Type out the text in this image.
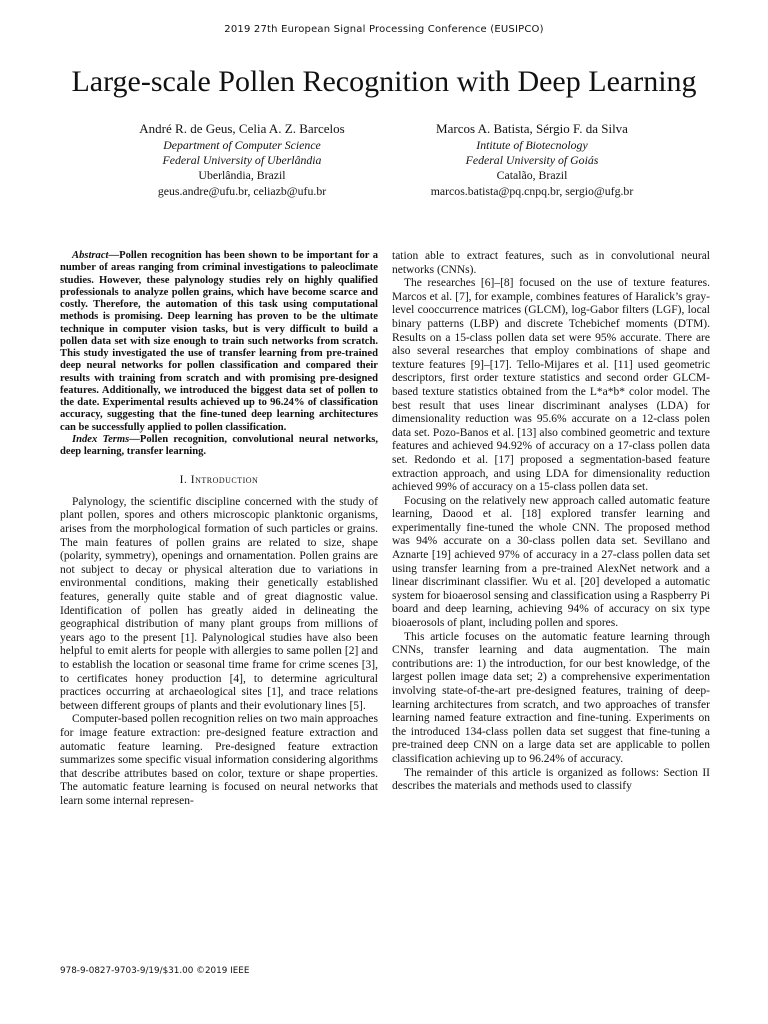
2019 27th European Signal Processing Conference (EUSIPCO)
Large-scale Pollen Recognition with Deep Learning
André R. de Geus, Celia A. Z. Barcelos
Department of Computer Science
Federal University of Uberlândia
Uberlândia, Brazil
geus.andre@ufu.br, celiazb@ufu.br
Marcos A. Batista, Sérgio F. da Silva
Intitute of Biotecnology
Federal University of Goiás
Catalão, Brazil
marcos.batista@pq.cnpq.br, sergio@ufg.br

Abstract—Pollen recognition has been shown to be important for a number of areas ranging from criminal investigations to paleoclimate studies. However, these palynology studies rely on highly qualified professionals to analyze pollen grains, which have become scarce and costly. Therefore, the automation of this task using computational methods is promising. Deep learning has proven to be the ultimate technique in computer vision tasks, but is very difficult to build a pollen data set with size enough to train such networks from scratch. This study investigated the use of transfer learning from pre-trained deep neural networks for pollen classification and compared their results with training from scratch and with promising pre-designed features. Additionally, we introduced the biggest data set of pollen to the date. Experimental results achieved up to 96.24% of classification accuracy, suggesting that the fine-tuned deep learning architectures can be successfully applied to pollen classification.

Index Terms—Pollen recognition, convolutional neural networks, deep learning, transfer learning.

I. Introduction

Palynology, the scientific discipline concerned with the study of plant pollen, spores and others microscopic planktonic organisms, arises from the morphological formation of such particles or grains. The main features of pollen grains are related to size, shape (polarity, symmetry), openings and ornamentation. Pollen grains are not subject to decay or physical alteration due to variations in environmental conditions, making their genetically established features, generally quite stable and of great diagnostic value. Identification of pollen has greatly aided in delineating the geographical distribution of many plant groups from millions of years ago to the present [1]. Palynological studies have also been helpful to emit alerts for people with allergies to same pollen [2] and to establish the location or seasonal time frame for crime scenes [3], to certificates honey production [4], to determine agricultural practices occurring at archaeological sites [1], and trace relations between different groups of plants and their evolutionary lines [5].

Computer-based pollen recognition relies on two main approaches for image feature extraction: pre-designed feature extraction and automatic feature learning. Pre-designed feature extraction summarizes some specific visual information considering algorithms that describe attributes based on color, texture or shape properties. The automatic feature learning is focused on neural networks that learn some internal represen-

tation able to extract features, such as in convolutional neural networks (CNNs).

The researches [6]–[8] focused on the use of texture features. Marcos et al. [7], for example, combines features of Haralick’s gray-level cooccurrence matrices (GLCM), log-Gabor filters (LGF), local binary patterns (LBP) and discrete Tchebichef moments (DTM). Results on a 15-class pollen data set were 95% accurate. There are also several researches that employ combinations of shape and texture features [9]–[17]. Tello-Mijares et al. [11] used geometric descriptors, first order texture statistics and second order GLCM-based texture statistics obtained from the L*a*b* color model. The best result that uses linear discriminant analyses (LDA) for dimensionality reduction was 95.6% accurate on a 12-class polen data set. Pozo-Banos et al. [13] also combined geometric and texture features and achieved 94.92% of accuracy on a 17-class pollen data set. Redondo et al. [17] proposed a segmentation-based feature extraction approach, and using LDA for dimensionality reduction achieved 99% of accuracy on a 15-class pollen data set.

Focusing on the relatively new approach called automatic feature learning, Daood et al. [18] explored transfer learning and experimentally fine-tuned the whole CNN. The proposed method was 94% accurate on a 30-class pollen data set. Sevillano and Aznarte [19] achieved 97% of accuracy in a 27-class pollen data set using transfer learning from a pre-trained AlexNet network and a linear discriminant classifier. Wu et al. [20] developed a automatic system for bioaerosol sensing and classification using a Raspberry Pi board and deep learning, achieving 94% of accuracy on six type bioaerosols of plant, including pollen and spores.

This article focuses on the automatic feature learning through CNNs, transfer learning and data augmentation. The main contributions are: 1) the introduction, for our best knowledge, of the largest pollen image data set; 2) a comprehensive experimentation involving state-of-the-art pre-designed features, training of deep-learning architectures from scratch, and two approaches of transfer learning named feature extraction and fine-tuning. Experiments on the introduced 134-class pollen data set suggest that fine-tuning a pre-trained deep CNN on a large data set are applicable to pollen classification achieving up to 96.24% of accuracy.

The remainder of this article is organized as follows: Section II describes the materials and methods used to classify

978-9-0827-9703-9/19/$31.00 ©2019 IEEE
